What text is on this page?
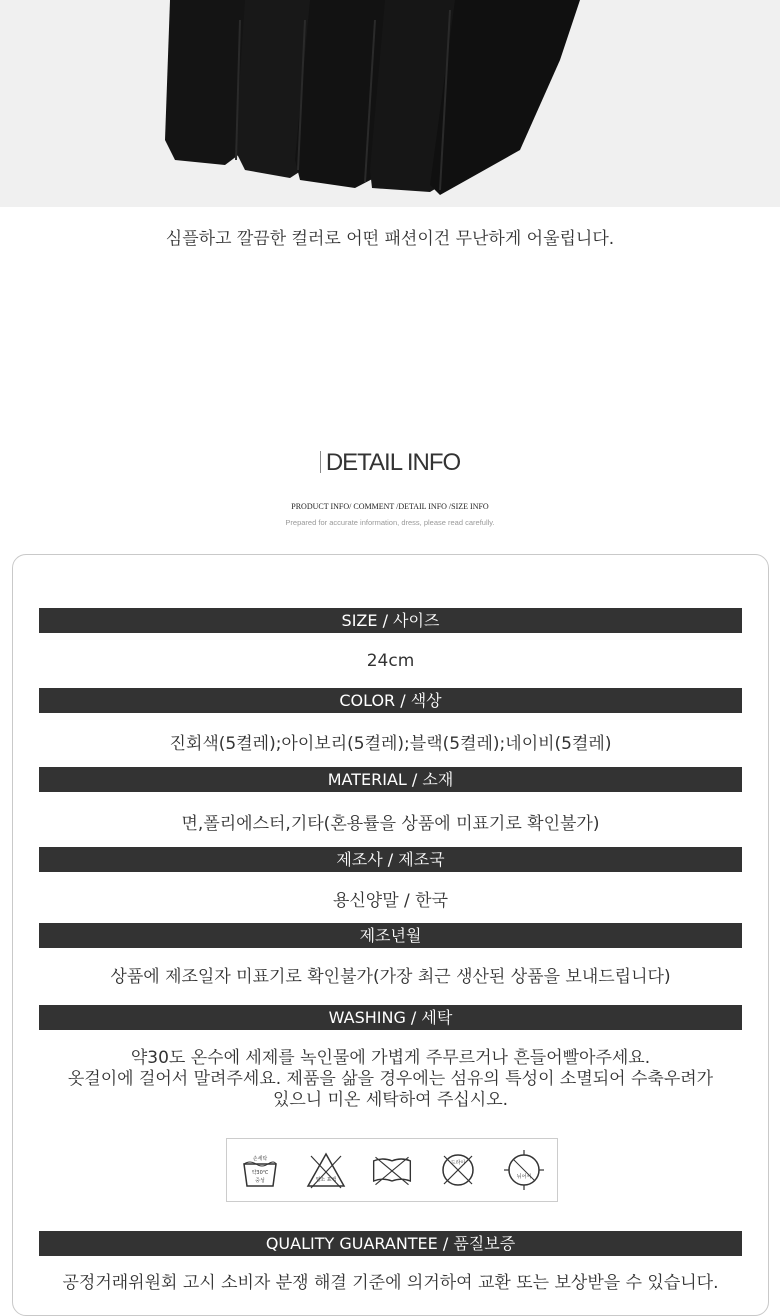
심플하고 깔끔한 컬러로 어떤 패션이건 무난하게 어울립니다.
DETAIL INFO
PRODUCT INFO/ COMMENT /DETAIL INFO /SIZE INFO
Prepared for accurate information, dress, please read carefully.
SIZE / 사이즈
24cm
COLOR / 색상
진회색(5켤레);아이보리(5켤레);블랙(5켤레);네이비(5켤레)
MATERIAL / 소재
면,폴리에스터,기타(혼용률을 상품에 미표기로 확인불가)
제조사 / 제조국
용신양말 / 한국
제조년월
상품에 제조일자 미표기로 확인불가(가장 최근 생산된 상품을 보내드립니다)
WASHING / 세탁
약30도 온수에 세제를 녹인물에 가볍게 주무르거나 흔들어빨아주세요.
옷걸이에 걸어서 말려주세요. 제품을 삶을 경우에는 섬유의 특성이 소멸되어 수축우려가
있으니 미온 세탁하여 주십시오.
손세탁
약30℃
중성	염소 표백
드라이
뉘어서
QUALITY GUARANTEE / 품질보증
공정거래위원회 고시 소비자 분쟁 해결 기준에 의거하여 교환 또는 보상받을 수 있습니다.
